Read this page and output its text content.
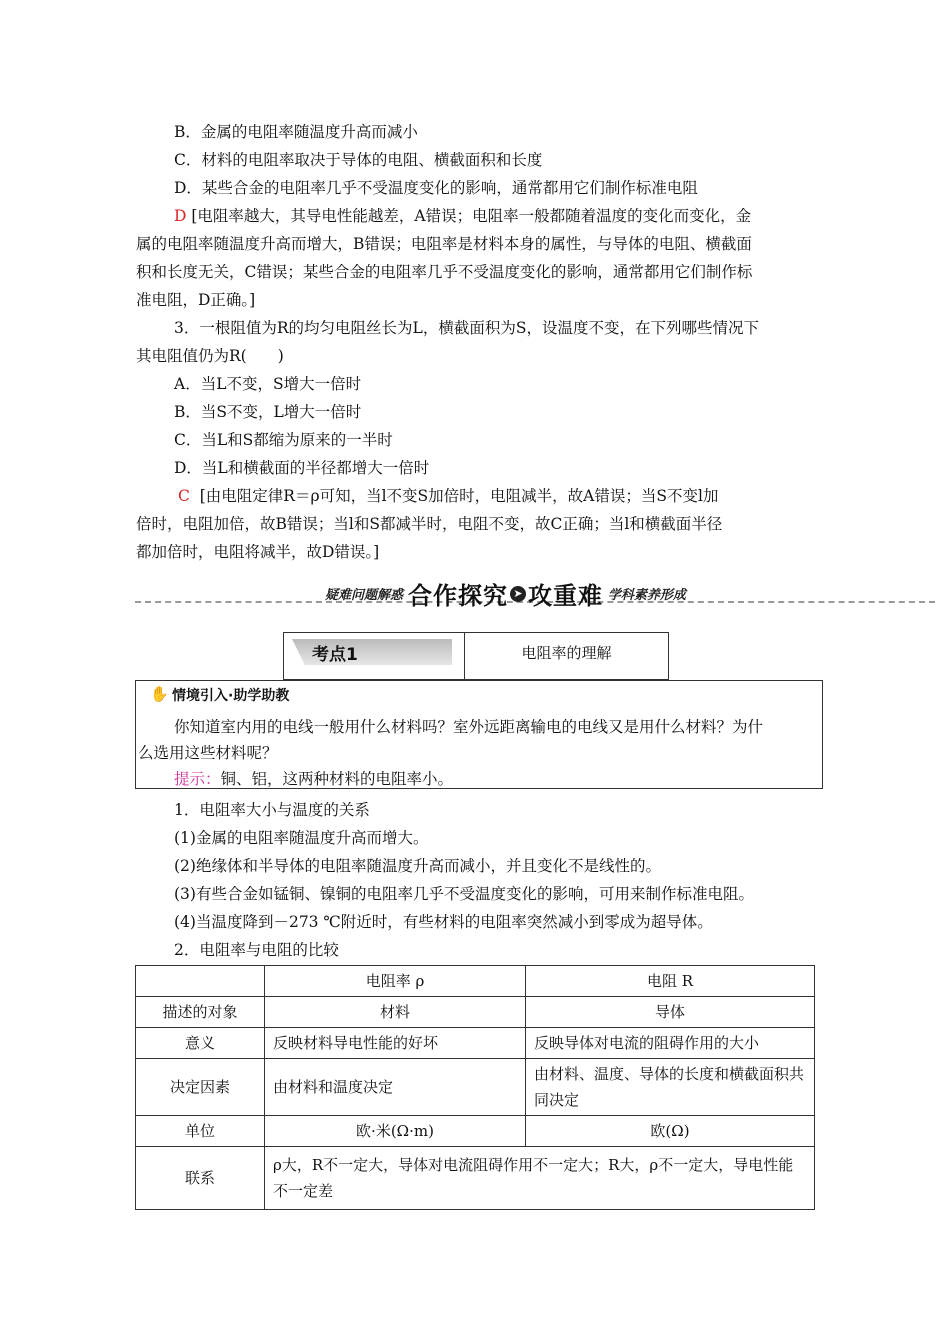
B．金属的电阻率随温度升高而减小
C．材料的电阻率取决于导体的电阻、横截面积和长度
D．某些合金的电阻率几乎不受温度变化的影响，通常都用它们制作标准电阻
D [电阻率越大，其导电性能越差，A错误；电阻率一般都随着温度的变化而变化，金
属的电阻率随温度升高而增大，B错误；电阻率是材料本身的属性，与导体的电阻、横截面
积和长度无关，C错误；某些合金的电阻率几乎不受温度变化的影响，通常都用它们制作标
准电阻，D正确。]
3．一根阻值为R的均匀电阻丝长为L，横截面积为S，设温度不变，在下列哪些情况下
其电阻值仍为R(　　)
A．当L不变，S增大一倍时
B．当S不变，L增大一倍时
C．当L和S都缩为原来的一半时
D．当L和横截面的半径都增大一倍时
C [由电阻定律R＝ρ可知，当l不变S加倍时，电阻减半，故A错误；当S不变l加
倍时，电阻加倍，故B错误；当l和S都减半时，电阻不变，故C正确；当l和横截面半径
都加倍时，电阻将减半，故D错误。]
疑难问题解惑 合作探究 ➤ 攻重难 学科素养形成
考点1	电阻率的理解
✋ 情境引入·助学助教
你知道室内用的电线一般用什么材料吗？室外远距离输电的电线又是用什么材料？为什
么选用这些材料呢？
提示：铜、铝，这两种材料的电阻率小。
1．电阻率大小与温度的关系
(1)金属的电阻率随温度升高而增大。
(2)绝缘体和半导体的电阻率随温度升高而减小，并且变化不是线性的。
(3)有些合金如锰铜、镍铜的电阻率几乎不受温度变化的影响，可用来制作标准电阻。
(4)当温度降到－273 ℃附近时，有些材料的电阻率突然减小到零成为超导体。
2．电阻率与电阻的比较
	电阻率 ρ	电阻 R
描述的对象	材料	导体
意义	反映材料导电性能的好坏	反映导体对电流的阻碍作用的大小
决定因素	由材料和温度决定	由材料、温度、导体的长度和横截面积共同决定
单位	欧·米(Ω·m)	欧(Ω)
联系	ρ大，R不一定大，导体对电流阻碍作用不一定大；R大，ρ不一定大，导电性能不一定差	
